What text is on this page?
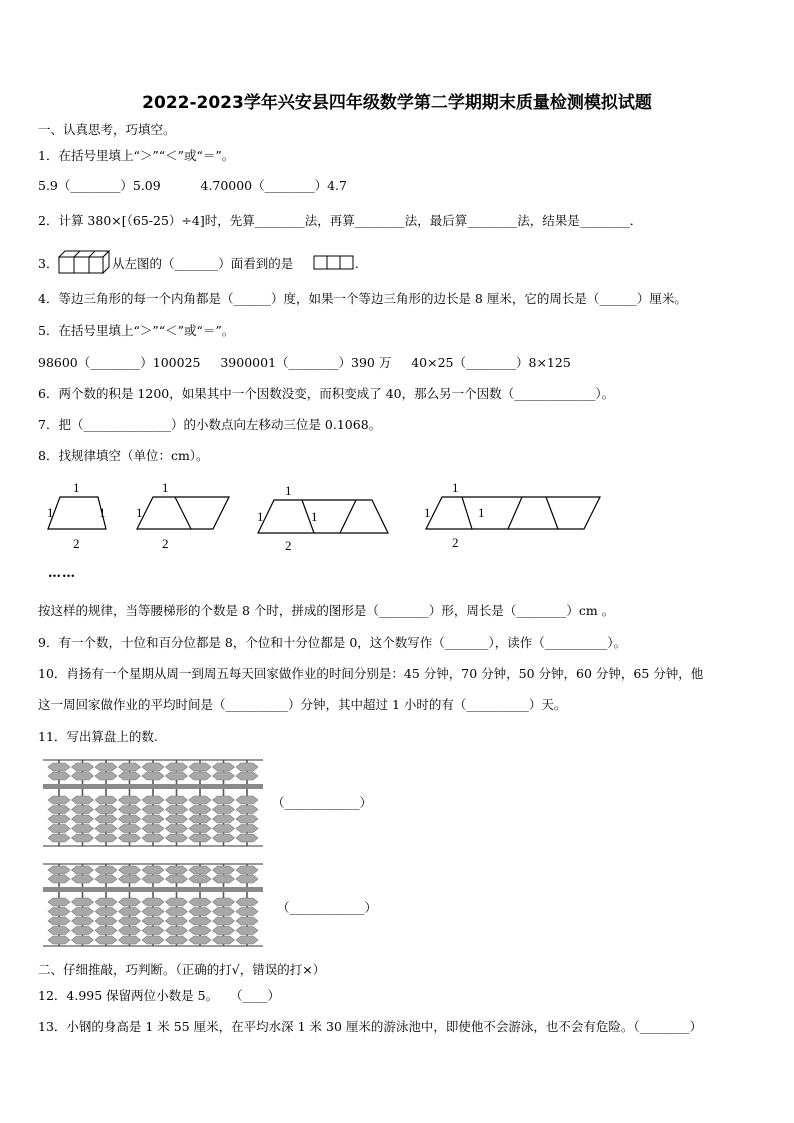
2022-2023学年兴安县四年级数学第二学期期末质量检测模拟试题
一、认真思考，巧填空。
1．在括号里填上“＞”“＜”或“＝”。
5.9（________）5.09          4.70000（________）4.7
2．计算 380×[（65-25）÷4]时，先算________法，再算________法，最后算________法，结果是________．
3．	从左图的（_______）面看到的是	.
4．等边三角形的每一个内角都是（______）度，如果一个等边三角形的边长是 8 厘米，它的周长是（______）厘米。
5．在括号里填上“＞”“＜”或“＝”。
98600（________）100025     3900001（________）390 万     40×25（________）8×125
6．两个数的积是 1200，如果其中一个因数没变，而积变成了 40，那么另一个因数（_____________）。
7．把（______________）的小数点向左移动三位是 0.1068。
8．找规律填空（单位：cm）。
1
1	1
2
1
1
2
1
1	1
2
1
1	1
2
……
按这样的规律，当等腰梯形的个数是 8 个时，拼成的图形是（________）形，周长是（________）cm 。
9．有一个数，十位和百分位都是 8，个位和十分位都是 0，这个数写作（_______），读作（__________）。
10．肖扬有一个星期从周一到周五每天回家做作业的时间分别是：45 分钟，70 分钟，50 分钟，60 分钟，65 分钟，他
这一周回家做作业的平均时间是（__________）分钟，其中超过 1 小时的有（__________）天。
11．写出算盘上的数.
（____________）
（____________）
二、仔细推敲，巧判断。（正确的打√，错误的打×）
12．4.995 保留两位小数是 5。   （____）
13．小钢的身高是 1 米 55 厘米，在平均水深 1 米 30 厘米的游泳池中，即使他不会游泳，也不会有危险。（________）
